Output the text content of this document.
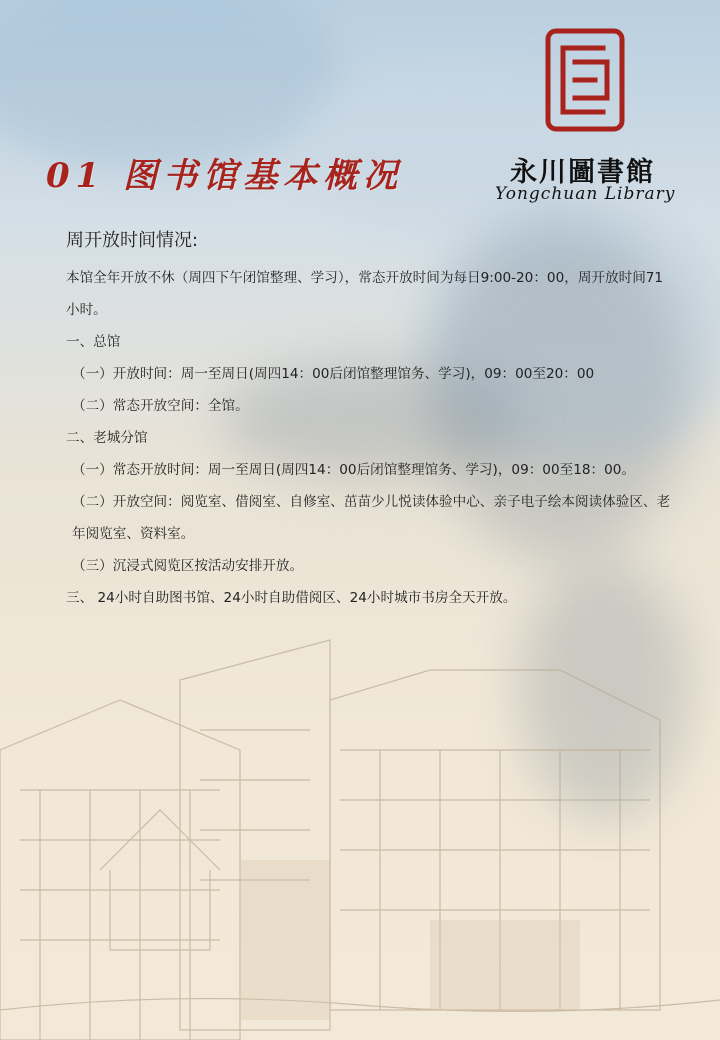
01 图书馆基本概况	永川圖書館
Yongchuan Library
周开放时间情况:

本馆全年开放不休（周四下午闭馆整理、学习），常态开放时间为每日9:00-20：00，周开放时间71小时。

一、总馆

（一）开放时间：周一至周日(周四14：00后闭馆整理馆务、学习)，09：00至20：00

（二）常态开放空间：全馆。

二、老城分馆

（一）常态开放时间：周一至周日(周四14：00后闭馆整理馆务、学习)，09：00至18：00。

（二）开放空间：阅览室、借阅室、自修室、茁苗少儿悦读体验中心、亲子电子绘本阅读体验区、老年阅览室、资料室。

（三）沉浸式阅览区按活动安排开放。

三、 24小时自助图书馆、24小时自助借阅区、24小时城市书房全天开放。
